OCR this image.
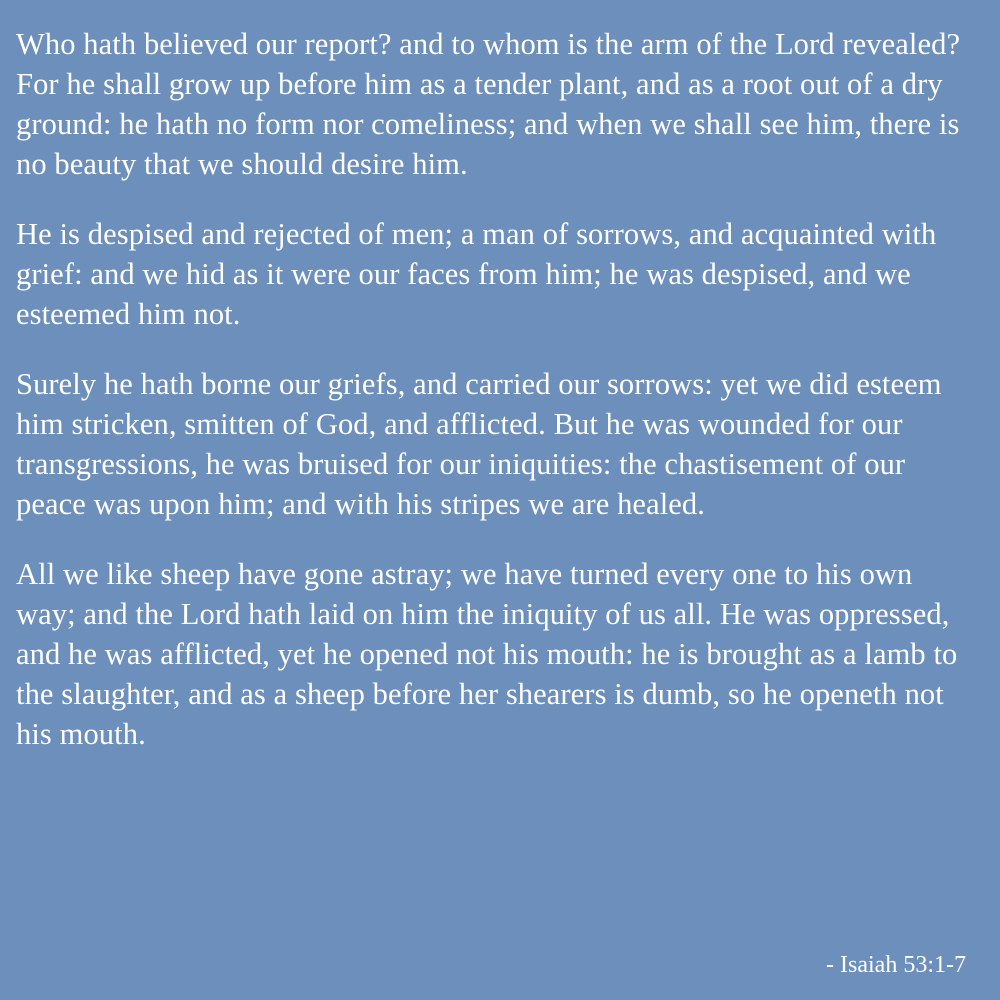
Who hath believed our report? and to whom is the arm of the Lord revealed? For he shall grow up before him as a tender plant, and as a root out of a dry ground: he hath no form nor comeliness; and when we shall see him, there is no beauty that we should desire him.

He is despised and rejected of men; a man of sorrows, and acquainted with grief: and we hid as it were our faces from him; he was despised, and we esteemed him not.

Surely he hath borne our griefs, and carried our sorrows: yet we did esteem him stricken, smitten of God, and afflicted. But he was wounded for our transgressions, he was bruised for our iniquities: the chastisement of our peace was upon him; and with his stripes we are healed.

All we like sheep have gone astray; we have turned every one to his own way; and the Lord hath laid on him the iniquity of us all. He was oppressed, and he was afflicted, yet he opened not his mouth: he is brought as a lamb to the slaughter, and as a sheep before her shearers is dumb, so he openeth not his mouth.

- Isaiah 53:1-7
